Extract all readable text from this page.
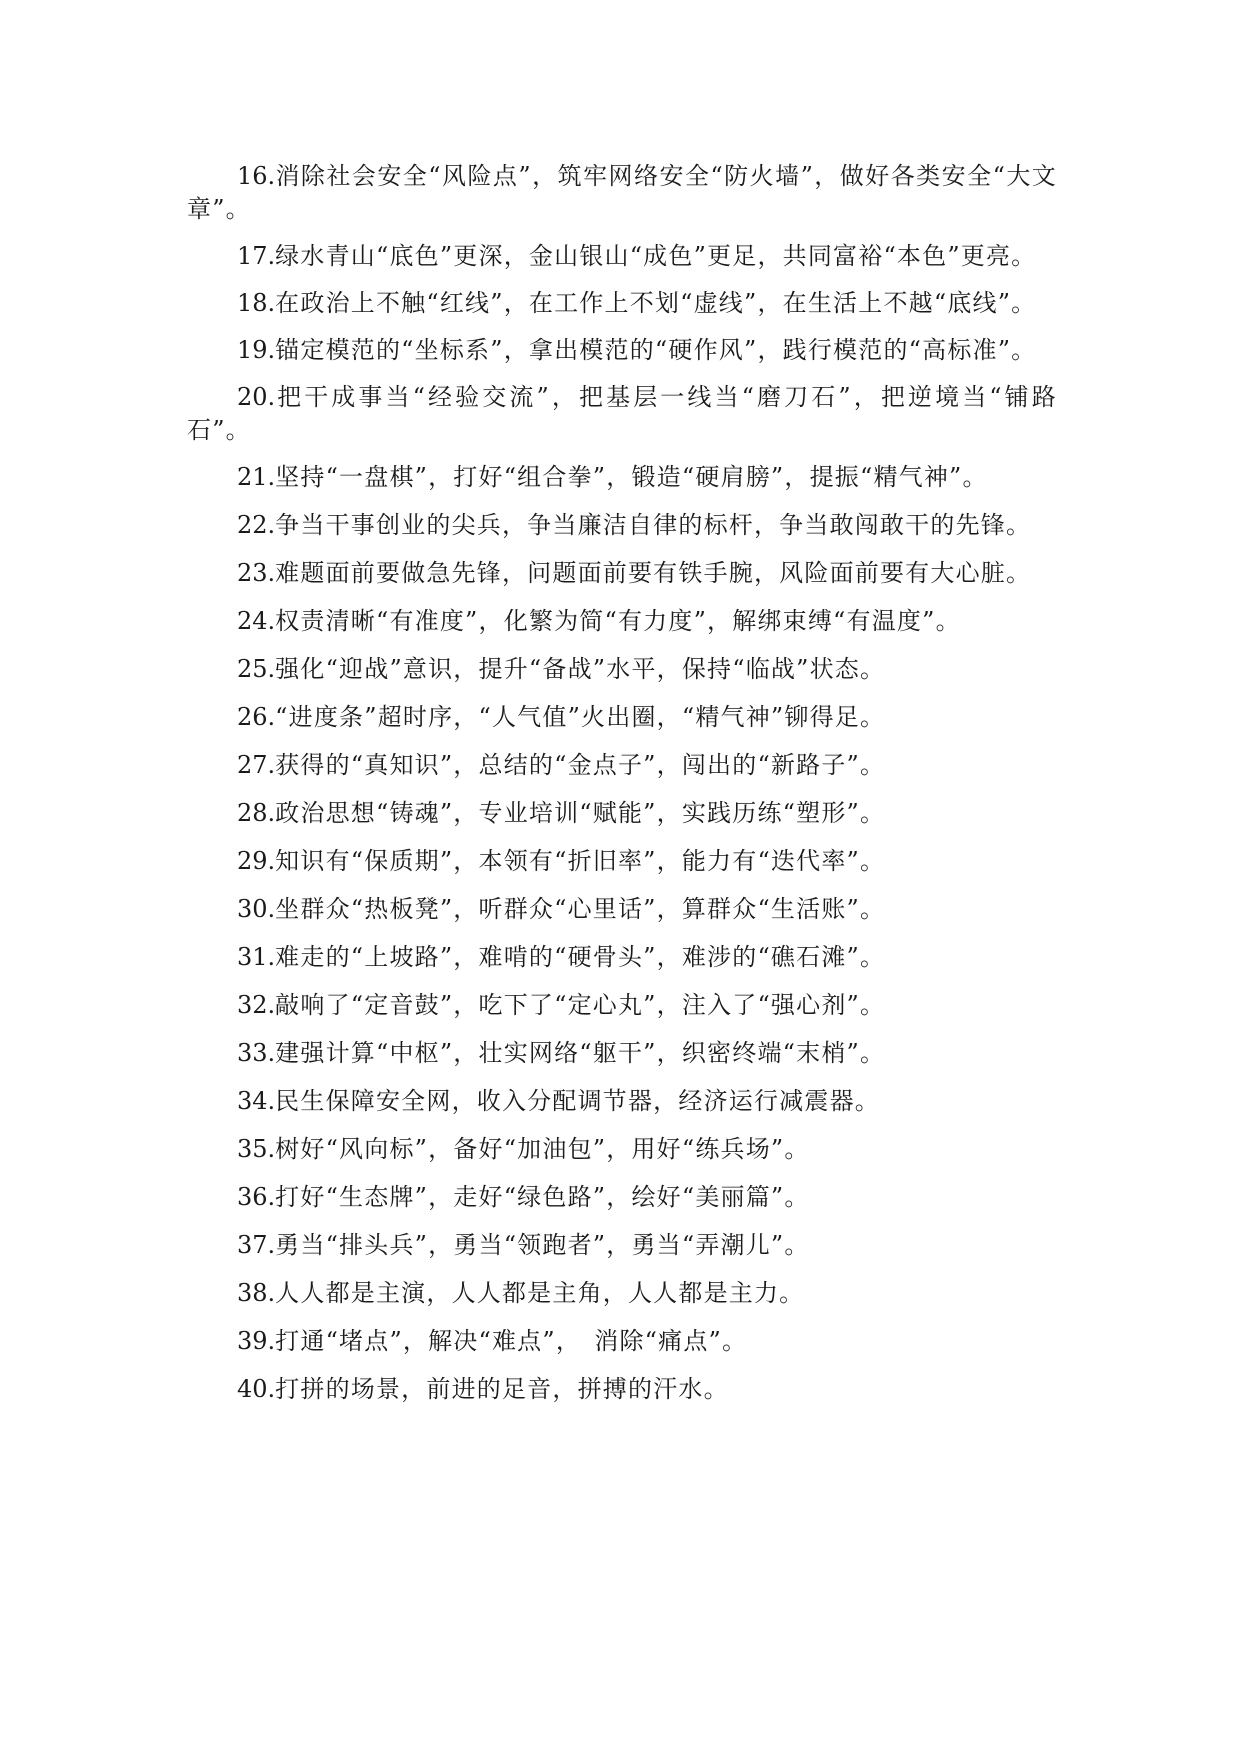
16.消除社会安全“风险点”，筑牢网络安全“防火墙”，做好各类安全“大文章”。

17.绿水青山“底色”更深，金山银山“成色”更足，共同富裕“本色”更亮。

18.在政治上不触“红线”，在工作上不划“虚线”，在生活上不越“底线”。

19.锚定模范的“坐标系”，拿出模范的“硬作风”，践行模范的“高标准”。

20.把干成事当“经验交流”，把基层一线当“磨刀石”，把逆境当“铺路石”。

21.坚持“一盘棋”，打好“组合拳”，锻造“硬肩膀”，提振“精气神”。

22.争当干事创业的尖兵，争当廉洁自律的标杆，争当敢闯敢干的先锋。

23.难题面前要做急先锋，问题面前要有铁手腕，风险面前要有大心脏。

24.权责清晰“有准度”，化繁为简“有力度”，解绑束缚“有温度”。

25.强化“迎战”意识，提升“备战”水平，保持“临战”状态。

26.“进度条”超时序，“人气值”火出圈，“精气神”铆得足。

27.获得的“真知识”，总结的“金点子”，闯出的“新路子”。

28.政治思想“铸魂”，专业培训“赋能”，实践历练“塑形”。

29.知识有“保质期”，本领有“折旧率”，能力有“迭代率”。

30.坐群众“热板凳”，听群众“心里话”，算群众“生活账”。

31.难走的“上坡路”，难啃的“硬骨头”，难涉的“礁石滩”。

32.敲响了“定音鼓”，吃下了“定心丸”，注入了“强心剂”。

33.建强计算“中枢”，壮实网络“躯干”，织密终端“末梢”。

34.民生保障安全网，收入分配调节器，经济运行减震器。

35.树好“风向标”，备好“加油包”，用好“练兵场”。

36.打好“生态牌”，走好“绿色路”，绘好“美丽篇”。

37.勇当“排头兵”，勇当“领跑者”，勇当“弄潮儿”。

38.人人都是主演，人人都是主角，人人都是主力。

39.打通“堵点”，解决“难点”，　消除“痛点”。

40.打拼的场景，前进的足音，拼搏的汗水。
